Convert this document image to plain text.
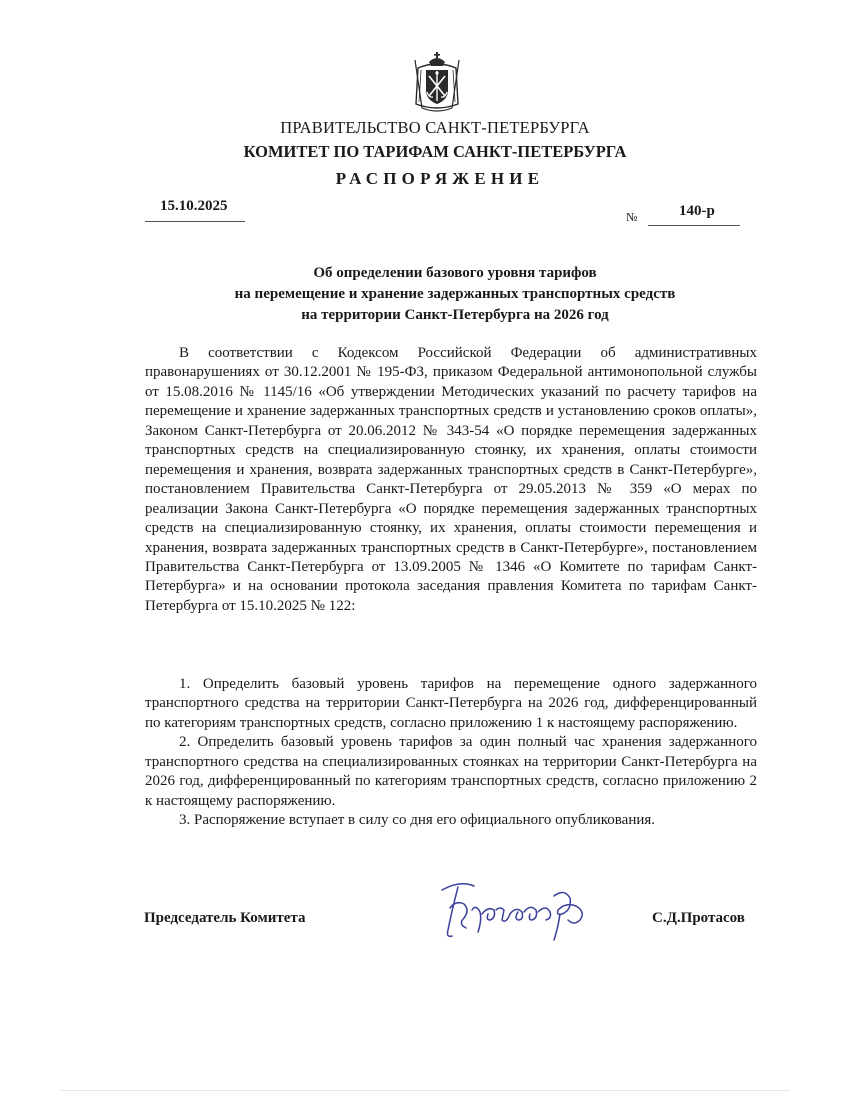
ПРАВИТЕЛЬСТВО САНКТ-ПЕТЕРБУРГА
КОМИТЕТ ПО ТАРИФАМ САНКТ-ПЕТЕРБУРГА
РАСПОРЯЖЕНИЕ
15.10.2025
№	140-р
Об определении базового уровня тарифов
на перемещение и хранение задержанных транспортных средств
на территории Санкт-Петербурга на 2026 год

В соответствии с Кодексом Российской Федерации об административных правонарушениях от 30.12.2001 № 195-ФЗ, приказом Федеральной антимонопольной службы от 15.08.2016 № 1145/16 «Об утверждении Методических указаний по расчету тарифов на перемещение и хранение задержанных транспортных средств и установлению сроков оплаты», Законом Санкт-Петербурга от 20.06.2012 № 343-54 «О порядке перемещения задержанных транспортных средств на специализированную стоянку, их хранения, оплаты стоимости перемещения и хранения, возврата задержанных транспортных средств в Санкт-Петербурге», постановлением Правительства Санкт-Петербурга от 29.05.2013 № 359 «О мерах по реализации Закона Санкт-Петербурга «О порядке перемещения задержанных транспортных средств на специализированную стоянку, их хранения, оплаты стоимости перемещения и хранения, возврата задержанных транспортных средств в Санкт-Петербурге», постановлением Правительства Санкт-Петербурга от 13.09.2005 № 1346 «О Комитете по тарифам Санкт-Петербурга» и на основании протокола заседания правления Комитета по тарифам Санкт-Петербурга от 15.10.2025 № 122:

1. Определить базовый уровень тарифов на перемещение одного задержанного транспортного средства на территории Санкт-Петербурга на 2026 год, дифференцированный по категориям транспортных средств, согласно приложению 1 к настоящему распоряжению.

2. Определить базовый уровень тарифов за один полный час хранения задержанного транспортного средства на специализированных стоянках на территории Санкт-Петербурга на 2026 год, дифференцированный по категориям транспортных средств, согласно приложению 2 к настоящему распоряжению.

3. Распоряжение вступает в силу со дня его официального опубликования.

Председатель Комитета	С.Д.Протасов
